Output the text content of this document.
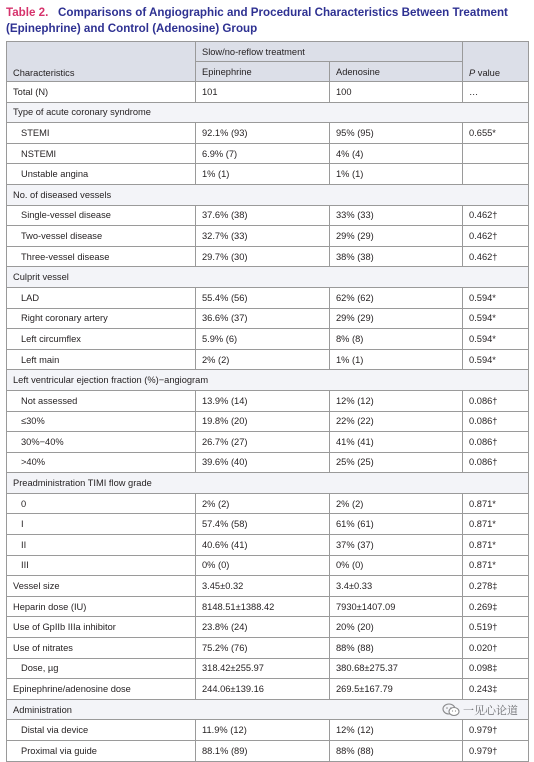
Table 2. Comparisons of Angiographic and Procedural Characteristics Between Treatment (Epinephrine) and Control (Adenosine) Group
Characteristics	Slow/no-reflow treatment		P value
	Epinephrine	Adenosine	
Total (N)	101	100	…
Type of acute coronary syndrome			
STEMI	92.1% (93)	95% (95)	0.655*
NSTEMI	6.9% (7)	4% (4)	
Unstable angina	1% (1)	1% (1)	
No. of diseased vessels			
Single-vessel disease	37.6% (38)	33% (33)	0.462†
Two-vessel disease	32.7% (33)	29% (29)	0.462†
Three-vessel disease	29.7% (30)	38% (38)	0.462†
Culprit vessel			
LAD	55.4% (56)	62% (62)	0.594*
Right coronary artery	36.6% (37)	29% (29)	0.594*
Left circumflex	5.9% (6)	8% (8)	0.594*
Left main	2% (2)	1% (1)	0.594*
Left ventricular ejection fraction (%)−angiogram			
Not assessed	13.9% (14)	12% (12)	0.086†
≤30%	19.8% (20)	22% (22)	0.086†
30%−40%	26.7% (27)	41% (41)	0.086†
>40%	39.6% (40)	25% (25)	0.086†
Preadministration TIMI flow grade			
0	2% (2)	2% (2)	0.871*
I	57.4% (58)	61% (61)	0.871*
II	40.6% (41)	37% (37)	0.871*
III	0% (0)	0% (0)	0.871*
Vessel size	3.45±0.32	3.4±0.33	0.278‡
Heparin dose (IU)	8148.51±1388.42	7930±1407.09	0.269‡
Use of GpIIb IIIa inhibitor	23.8% (24)	20% (20)	0.519†
Use of nitrates	75.2% (76)	88% (88)	0.020†
Dose, µg	318.42±255.97	380.68±275.37	0.098‡
Epinephrine/adenosine dose	244.06±139.16	269.5±167.79	0.243‡
Administration			
Distal via device	11.9% (12)	12% (12)	0.979†
Proximal via guide	88.1% (89)	88% (88)	0.979†
一见心论道
